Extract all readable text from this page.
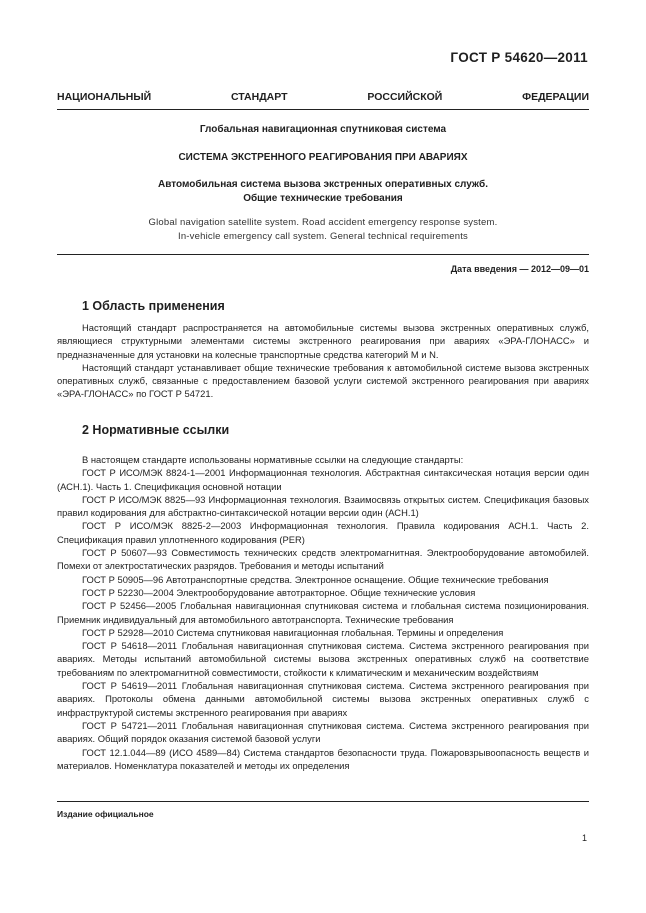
ГОСТ Р 54620—2011
НАЦИОНАЛЬНЫЙ	СТАНДАРТ	РОССИЙСКОЙ	ФЕДЕРАЦИИ
Глобальная навигационная спутниковая система
СИСТЕМА ЭКСТРЕННОГО РЕАГИРОВАНИЯ ПРИ АВАРИЯХ
Автомобильная система вызова экстренных оперативных служб.
Общие технические требования
Global navigation satellite system. Road accident emergency response system.
In-vehicle emergency call system. General technical requirements
Дата введения — 2012—09—01
1 Область применения

Настоящий стандарт распространяется на автомобильные системы вызова экстренных оперативных служб, являющиеся структурными элементами системы экстренного реагирования при авариях «ЭРА-ГЛОНАСС» и предназначенные для установки на колесные транспортные средства категорий М и N.

Настоящий стандарт устанавливает общие технические требования к автомобильной системе вызова экстренных оперативных служб, связанные с предоставлением базовой услуги системой экстренного реагирования при авариях «ЭРА-ГЛОНАСС» по ГОСТ Р 54721.

2 Нормативные ссылки

В настоящем стандарте использованы нормативные ссылки на следующие стандарты:

ГОСТ Р ИСО/МЭК 8824-1—2001 Информационная технология. Абстрактная синтаксическая нотация версии один (АСН.1). Часть 1. Спецификация основной нотации

ГОСТ Р ИСО/МЭК 8825—93 Информационная технология. Взаимосвязь открытых систем. Спецификация базовых правил кодирования для абстрактно-синтаксической нотации версии один (АСН.1)

ГОСТ Р ИСО/МЭК 8825-2—2003 Информационная технология. Правила кодирования АСН.1. Часть 2. Спецификация правил уплотненного кодирования (PER)

ГОСТ Р 50607—93 Совместимость технических средств электромагнитная. Электрооборудование автомобилей. Помехи от электростатических разрядов. Требования и методы испытаний

ГОСТ Р 50905—96 Автотранспортные средства. Электронное оснащение. Общие технические требования

ГОСТ Р 52230—2004 Электрооборудование автотракторное. Общие технические условия

ГОСТ Р 52456—2005 Глобальная навигационная спутниковая система и глобальная система позиционирования. Приемник индивидуальный для автомобильного автотранспорта. Технические требования

ГОСТ Р 52928—2010 Система спутниковая навигационная глобальная. Термины и определения

ГОСТ Р 54618—2011 Глобальная навигационная спутниковая система. Система экстренного реагирования при авариях. Методы испытаний автомобильной системы вызова экстренных оперативных служб на соответствие требованиям по электромагнитной совместимости, стойкости к климатическим и механическим воздействиям

ГОСТ Р 54619—2011 Глобальная навигационная спутниковая система. Система экстренного реагирования при авариях. Протоколы обмена данными автомобильной системы вызова экстренных оперативных служб с инфраструктурой системы экстренного реагирования при авариях

ГОСТ Р 54721—2011 Глобальная навигационная спутниковая система. Система экстренного реагирования при авариях. Общий порядок оказания системой базовой услуги

ГОСТ 12.1.044—89 (ИСО 4589—84) Система стандартов безопасности труда. Пожаровзрывоопасность веществ и материалов. Номенклатура показателей и методы их определения

Издание официальное
1
